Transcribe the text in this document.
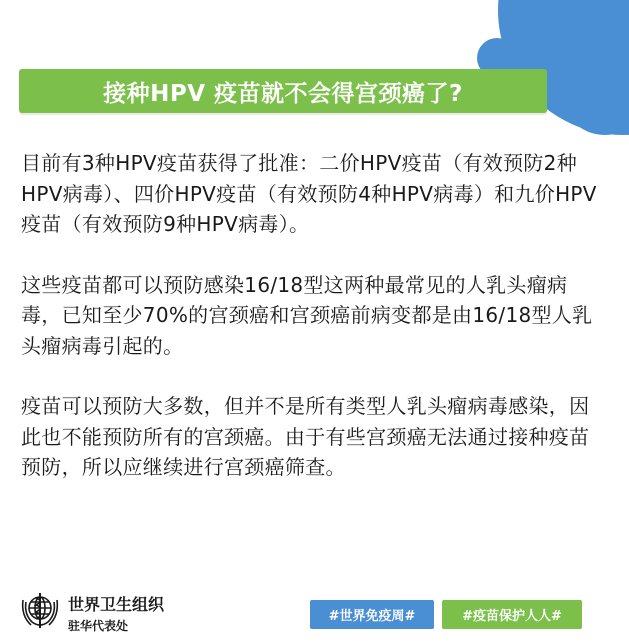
接种HPV 疫苗就不会得宫颈癌了?

目前有3种HPV疫苗获得了批准：二价HPV疫苗（有效预防2种HPV病毒）、四价HPV疫苗（有效预防4种HPV病毒）和九价HPV疫苗（有效预防9种HPV病毒）。

这些疫苗都可以预防感染16/18型这两种最常见的人乳头瘤病毒，已知至少70%的宫颈癌和宫颈癌前病变都是由16/18型人乳头瘤病毒引起的。

疫苗可以预防大多数，但并不是所有类型人乳头瘤病毒感染，因此也不能预防所有的宫颈癌。由于有些宫颈癌无法通过接种疫苗预防，所以应继续进行宫颈癌筛查。

世界卫生组织
驻华代表处
#世界免疫周#	#疫苗保护人人#
